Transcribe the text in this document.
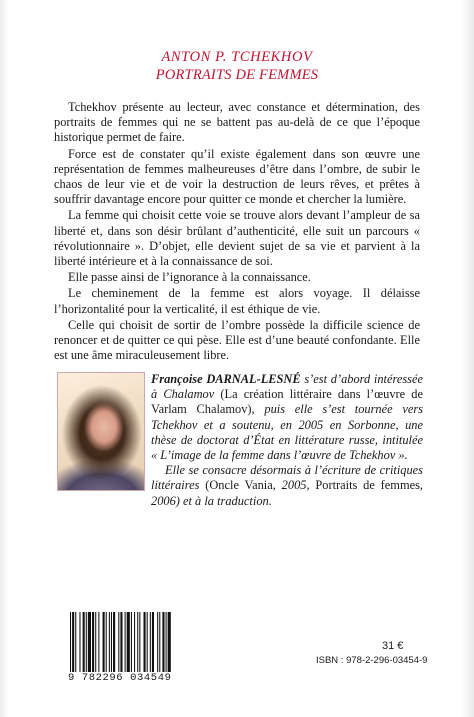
ANTON P. TCHEKHOV
PORTRAITS DE FEMMES

Tchekhov présente au lecteur, avec constance et détermination, des portraits de femmes qui ne se battent pas au-delà de ce que l’époque historique permet de faire.

Force est de constater qu’il existe également dans son œuvre une représentation de femmes malheureuses d’être dans l’ombre, de subir le chaos de leur vie et de voir la destruction de leurs rêves, et prêtes à souffrir davantage encore pour quitter ce monde et chercher la lumière.

La femme qui choisit cette voie se trouve alors devant l’ampleur de sa liberté et, dans son désir brûlant d’authenticité, elle suit un parcours « révolutionnaire ». D’objet, elle devient sujet de sa vie et parvient à la liberté intérieure et à la connaissance de soi.

Elle passe ainsi de l’ignorance à la connaissance.

Le cheminement de la femme est alors voyage. Il délaisse l’horizontalité pour la verticalité, il est éthique de vie.

Celle qui choisit de sortir de l’ombre possède la difficile science de renoncer et de quitter ce qui pèse. Elle est d’une beauté confondante. Elle est une âme miraculeusement libre.

Françoise DARNAL-LESNÉ s’est d’abord intéressée à Chalamov (La création littéraire dans l’œuvre de Varlam Chalamov), puis elle s’est tournée vers Tchekhov et a soutenu, en 2005 en Sorbonne, une thèse de doctorat d’État en littérature russe, intitulée « L’image de la femme dans l’œuvre de Tchekhov ».

Elle se consacre désormais à l’écriture de critiques littéraires (Oncle Vania, 2005, Portraits de femmes, 2006) et à la traduction.

9 782296 034549
31 €
ISBN : 978-2-296-03454-9
